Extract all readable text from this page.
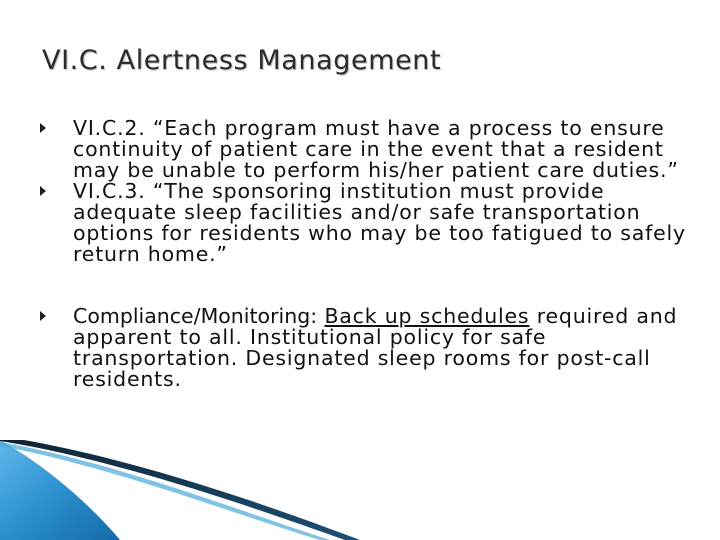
VI.C. Alertness Management
VI.C.2. “Each program must have a process to ensure continuity of patient care in the event that a resident may be unable to perform his/her patient care duties.”
VI.C.3. “The sponsoring institution must provide adequate sleep facilities and/or safe transportation options for residents who may be too fatigued to safely return home.”
Compliance/Monitoring: Back up schedules required and apparent to all. Institutional policy for safe transportation. Designated sleep rooms for post-call residents.
